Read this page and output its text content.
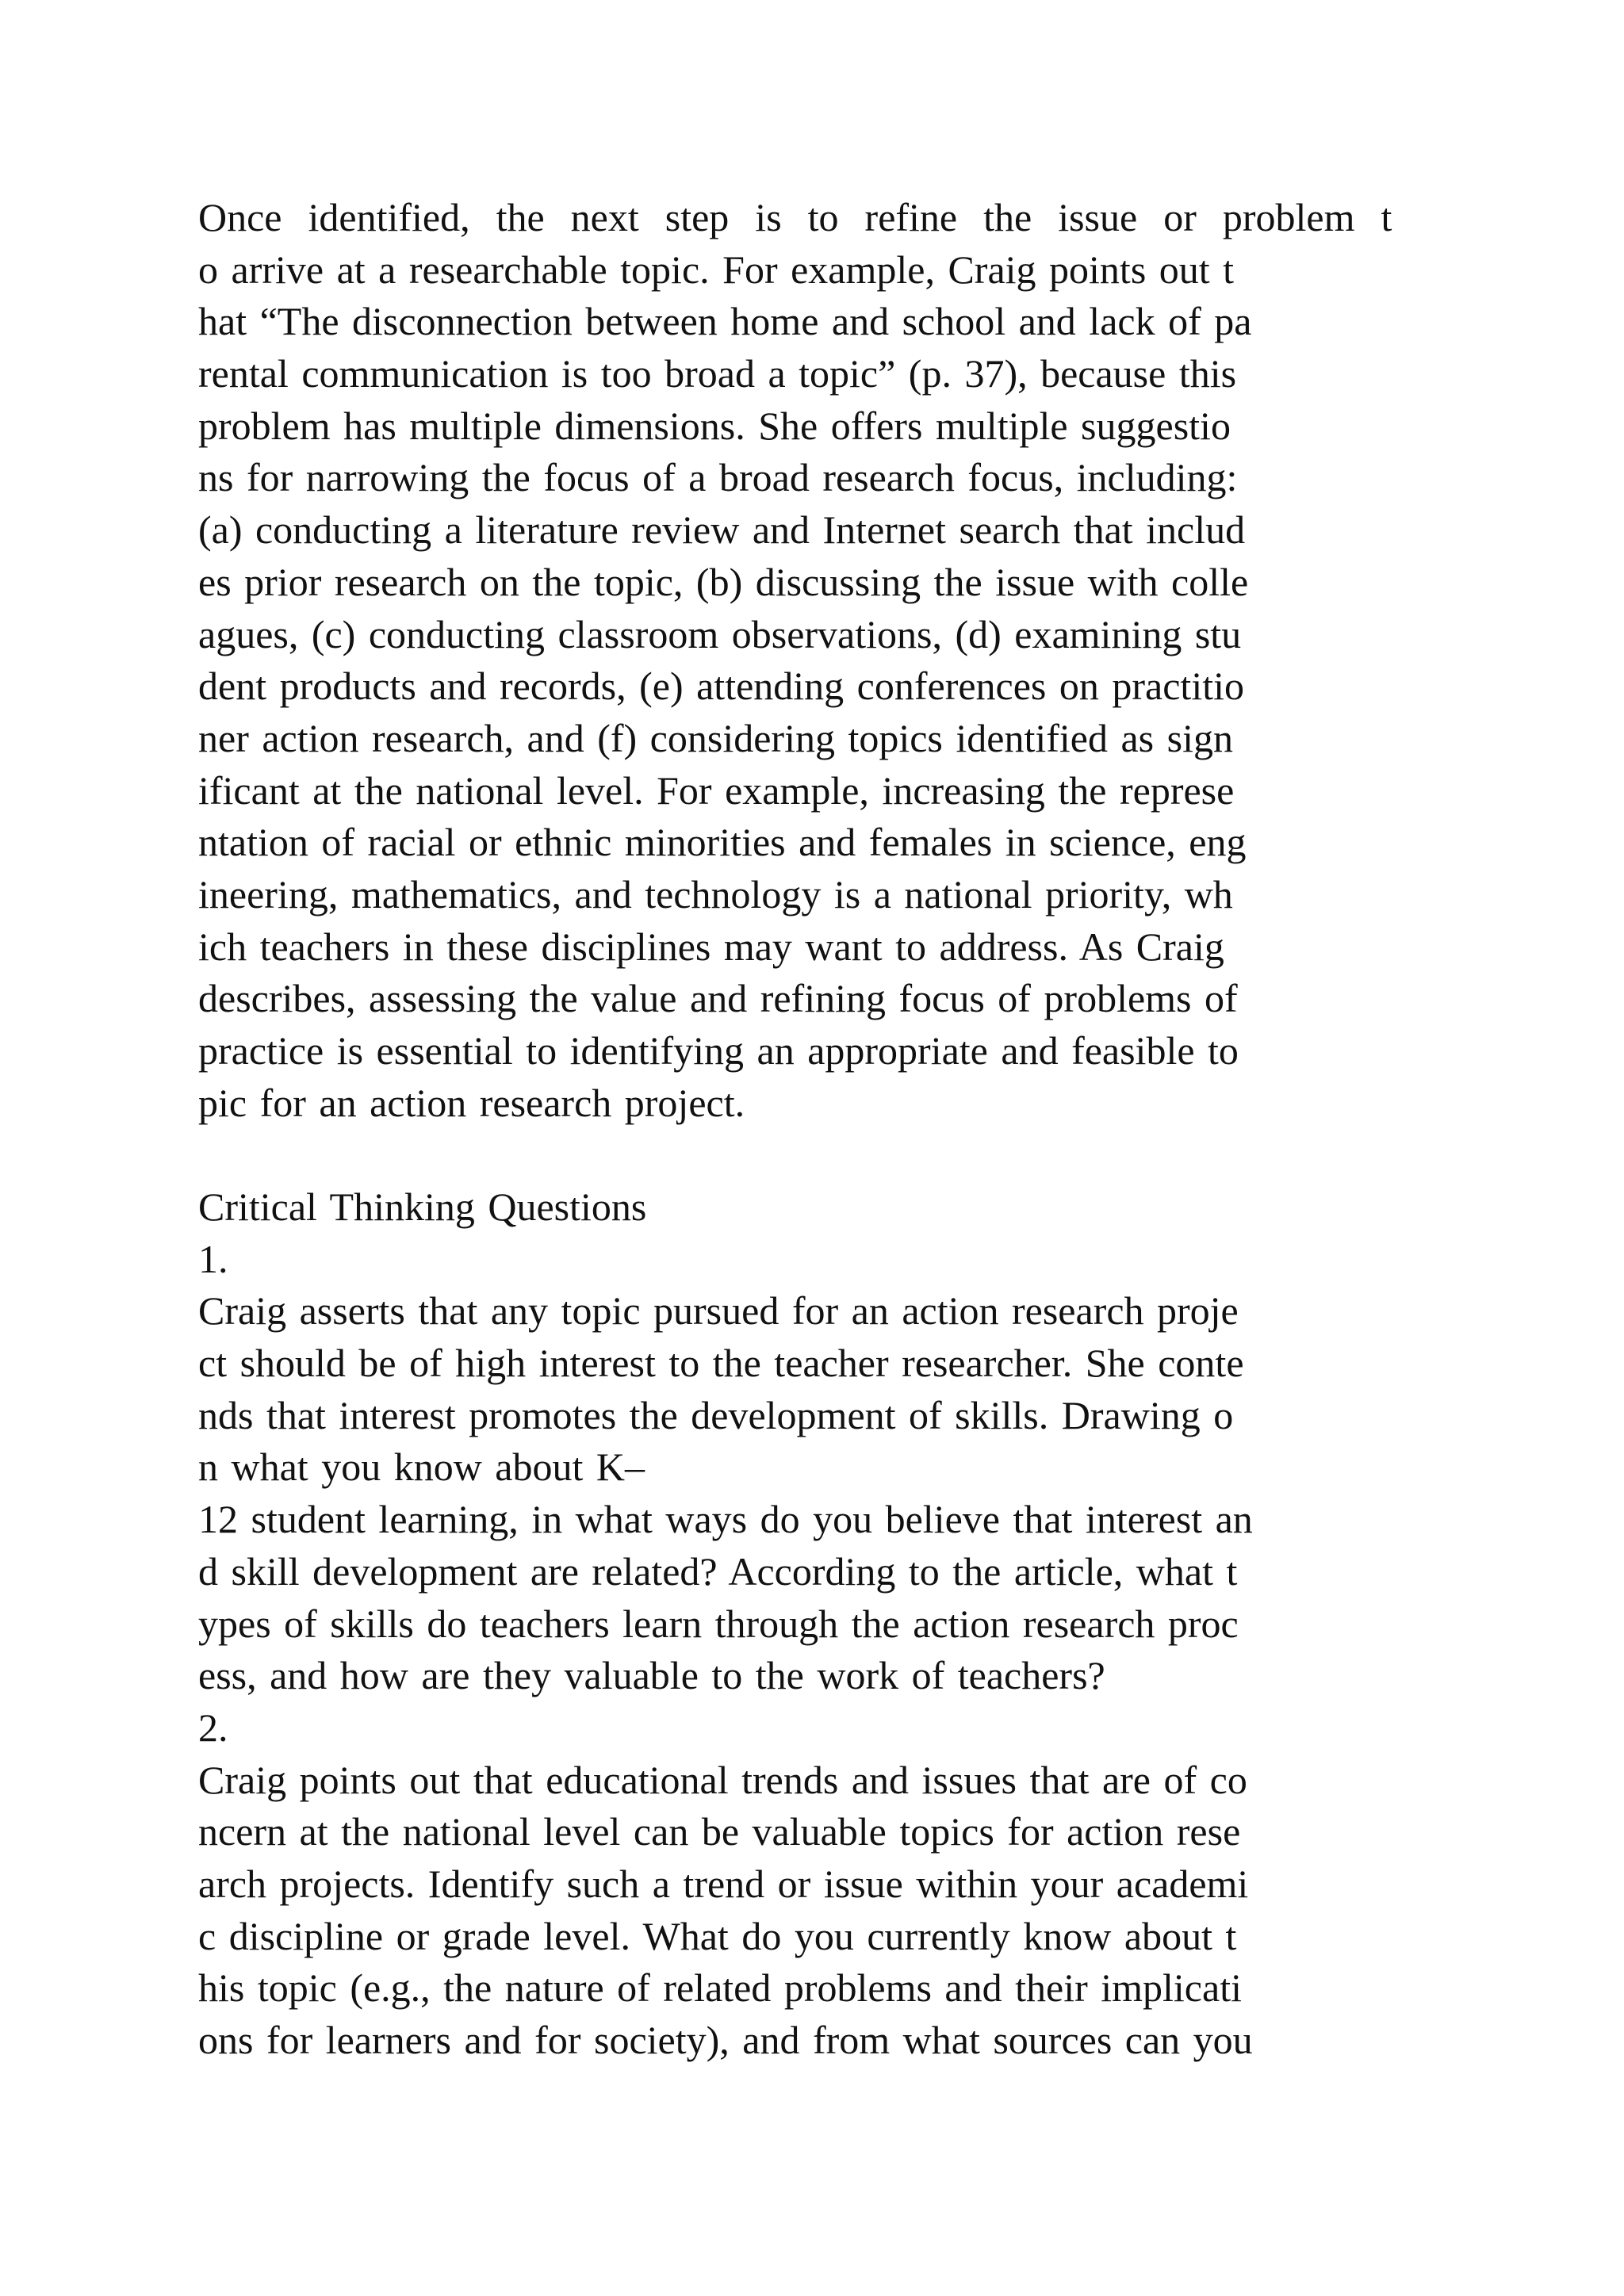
Once  identified,  the  next  step  is  to  refine  the  issue  or  problem  t
o arrive at a researchable topic. For example, Craig points out t
hat “The disconnection between home and school and lack of pa
rental communication is too broad a topic” (p. 37), because this
problem has multiple dimensions. She offers multiple suggestio
ns for narrowing the focus of a broad research focus, including:
(a) conducting a literature review and Internet search that includ
es prior research on the topic, (b) discussing the issue with colle
agues, (c) conducting classroom observations, (d) examining stu
dent products and records, (e) attending conferences on practitio
ner action research, and (f) considering topics identified as sign
ificant at the national level. For example, increasing the represe
ntation of racial or ethnic minorities and females in science, eng
ineering, mathematics, and technology is a national priority, wh
ich teachers in these disciplines may want to address. As Craig
describes, assessing the value and refining focus of problems of
practice is essential to identifying an appropriate and feasible to
pic for an action research project.
Critical Thinking Questions
1.
Craig asserts that any topic pursued for an action research proje
ct should be of high interest to the teacher researcher. She conte
nds that interest promotes the development of skills. Drawing o
n what you know about K–
12 student learning, in what ways do you believe that interest an
d skill development are related? According to the article, what t
ypes of skills do teachers learn through the action research proc
ess, and how are they valuable to the work of teachers?
2.
Craig points out that educational trends and issues that are of co
ncern at the national level can be valuable topics for action rese
arch projects. Identify such a trend or issue within your academi
c discipline or grade level. What do you currently know about t
his topic (e.g., the nature of related problems and their implicati
ons for learners and for society), and from what sources can you
